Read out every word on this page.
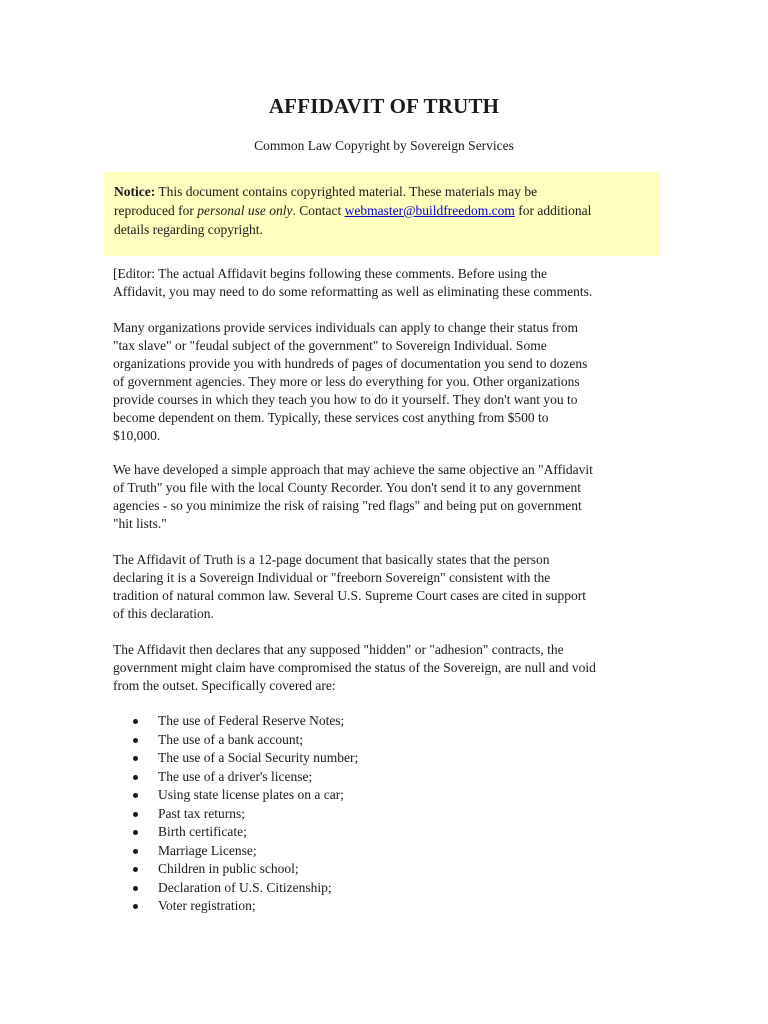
AFFIDAVIT OF TRUTH

Common Law Copyright by Sovereign Services

Notice: This document contains copyrighted material. These materials may be
reproduced for personal use only. Contact webmaster@buildfreedom.com for additional
details regarding copyright.

[Editor: The actual Affidavit begins following these comments. Before using the
Affidavit, you may need to do some reformatting as well as eliminating these comments.

Many organizations provide services individuals can apply to change their status from
"tax slave" or "feudal subject of the government" to Sovereign Individual. Some
organizations provide you with hundreds of pages of documentation you send to dozens
of government agencies. They more or less do everything for you. Other organizations
provide courses in which they teach you how to do it yourself. They don't want you to
become dependent on them. Typically, these services cost anything from $500 to
$10,000.

We have developed a simple approach that may achieve the same objective an "Affidavit
of Truth" you file with the local County Recorder. You don't send it to any government
agencies - so you minimize the risk of raising "red flags" and being put on government
"hit lists."

The Affidavit of Truth is a 12-page document that basically states that the person
declaring it is a Sovereign Individual or "freeborn Sovereign" consistent with the
tradition of natural common law. Several U.S. Supreme Court cases are cited in support
of this declaration.

The Affidavit then declares that any supposed "hidden" or "adhesion" contracts, the
government might claim have compromised the status of the Sovereign, are null and void
from the outset. Specifically covered are:

The use of Federal Reserve Notes;
The use of a bank account;
The use of a Social Security number;
The use of a driver's license;
Using state license plates on a car;
Past tax returns;
Birth certificate;
Marriage License;
Children in public school;
Declaration of U.S. Citizenship;
Voter registration;
